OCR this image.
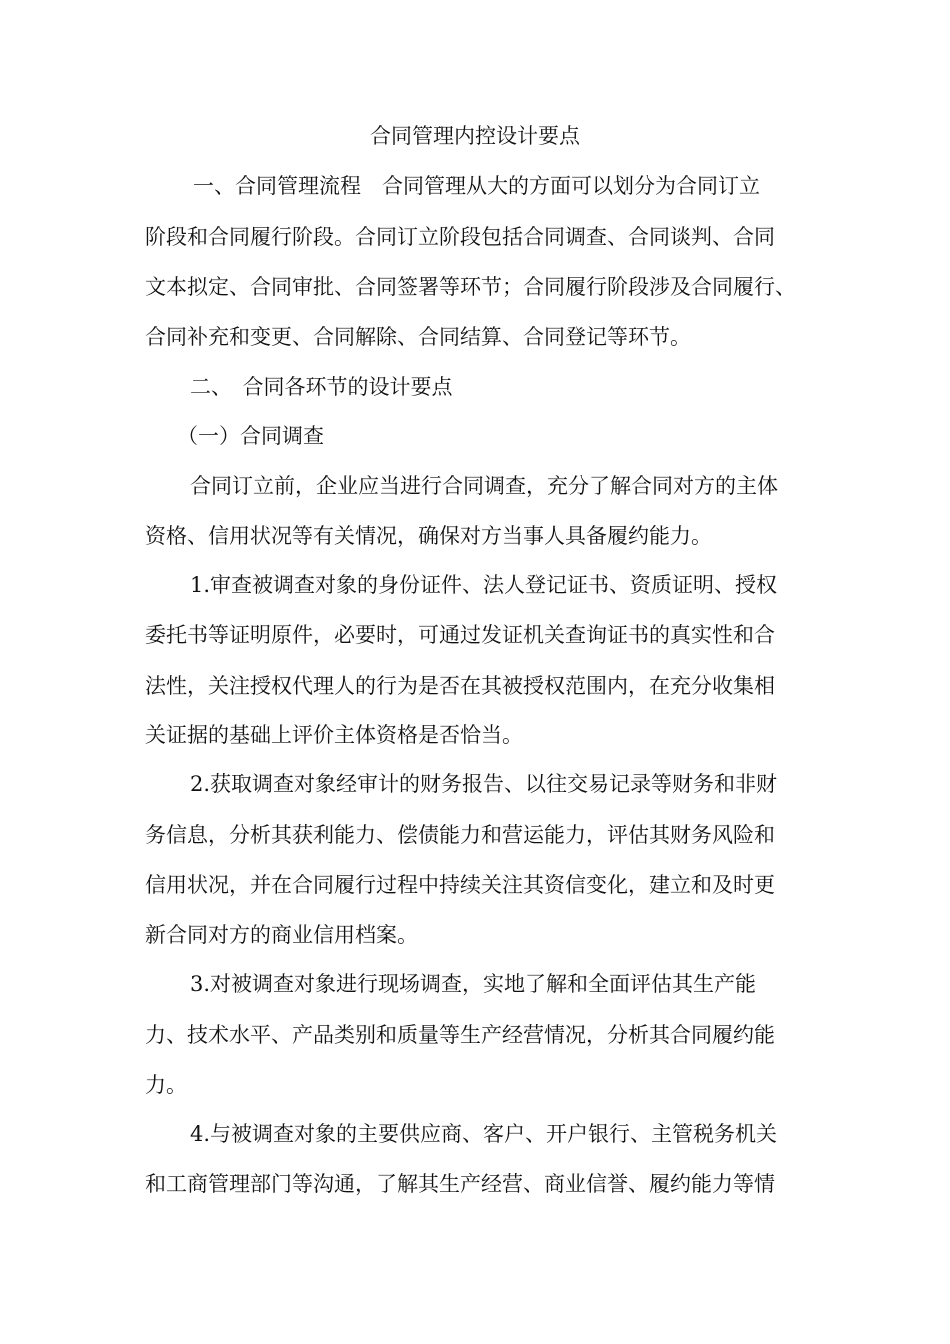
合同管理内控设计要点
一、合同管理流程　合同管理从大的方面可以划分为合同订立
阶段和合同履行阶段。合同订立阶段包括合同调查、合同谈判、合同
文本拟定、合同审批、合同签署等环节；合同履行阶段涉及合同履行、
合同补充和变更、合同解除、合同结算、合同登记等环节。
二、　合同各环节的设计要点
（一）合同调查
合同订立前，企业应当进行合同调查，充分了解合同对方的主体
资格、信用状况等有关情况，确保对方当事人具备履约能力。
1.审查被调查对象的身份证件、法人登记证书、资质证明、授权
委托书等证明原件，必要时，可通过发证机关查询证书的真实性和合
法性，关注授权代理人的行为是否在其被授权范围内，在充分收集相
关证据的基础上评价主体资格是否恰当。
2.获取调查对象经审计的财务报告、以往交易记录等财务和非财
务信息，分析其获利能力、偿债能力和营运能力，评估其财务风险和
信用状况，并在合同履行过程中持续关注其资信变化，建立和及时更
新合同对方的商业信用档案。
3.对被调查对象进行现场调查，实地了解和全面评估其生产能
力、技术水平、产品类别和质量等生产经营情况，分析其合同履约能
力。
4.与被调查对象的主要供应商、客户、开户银行、主管税务机关
和工商管理部门等沟通，了解其生产经营、商业信誉、履约能力等情
